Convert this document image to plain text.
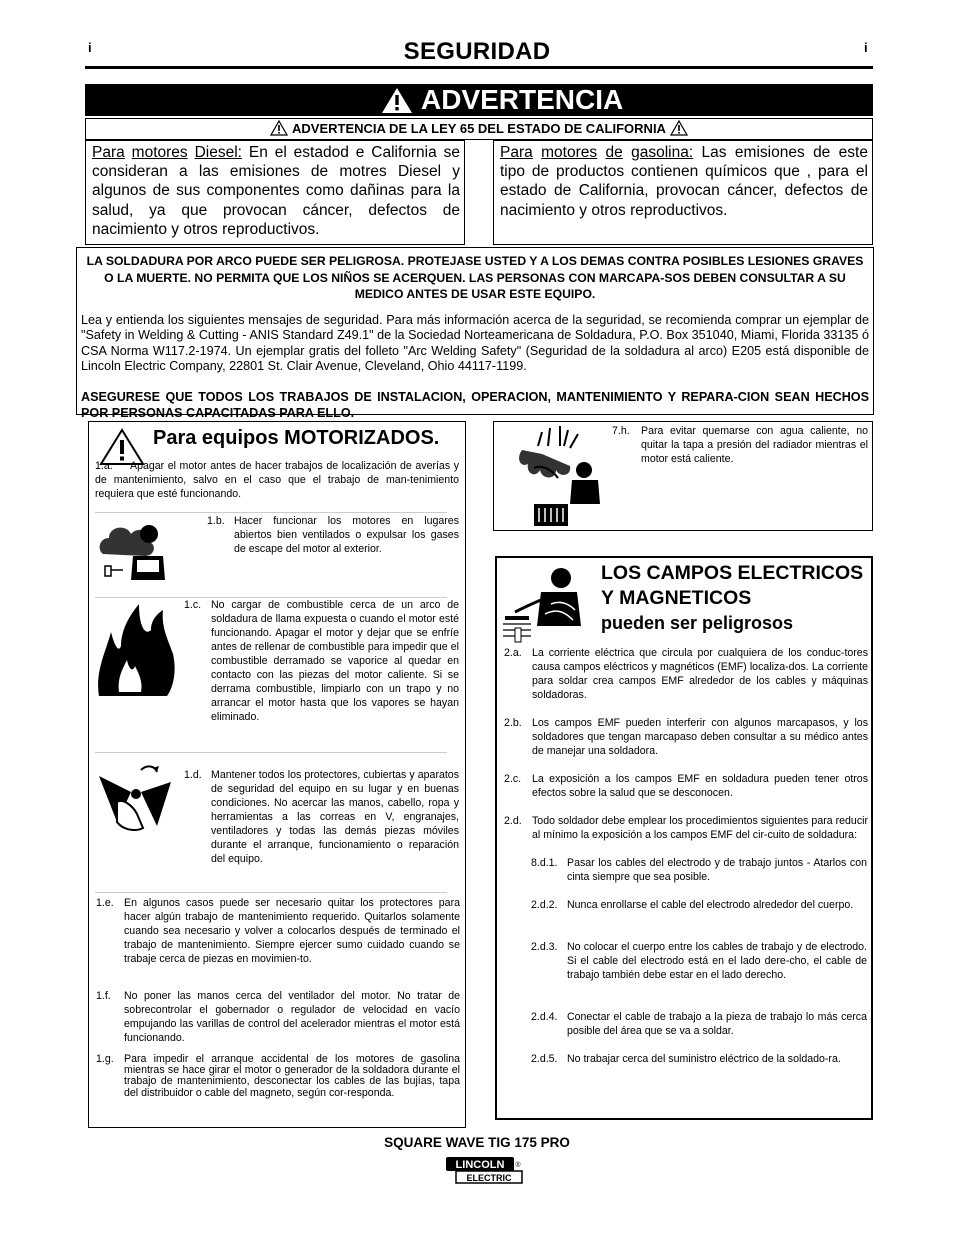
i	i
SEGURIDAD
ADVERTENCIA
ADVERTENCIA DE LA LEY 65 DEL ESTADO DE CALIFORNIA
Para motores Diesel: En el estadod e California se consideran a las emisiones de motres Diesel y algunos de sus componentes como dañinas para la salud, ya que provocan cáncer, defectos de nacimiento y otros reproductivos.
Para motores de gasolina: Las emisiones de este tipo de productos contienen químicos que , para el estado de California, provocan cáncer, defectos de nacimiento y otros reproductivos.
LA SOLDADURA POR ARCO PUEDE SER PELIGROSA. PROTEJASE USTED Y A LOS DEMAS CONTRA POSIBLES LESIONES GRAVES O LA MUERTE. NO PERMITA QUE LOS NIÑOS SE ACERQUEN. LAS PERSONAS CON MARCAPA-SOS DEBEN CONSULTAR A SU MEDICO ANTES DE USAR ESTE EQUIPO.
Lea y entienda los siguientes mensajes de seguridad. Para más información acerca de la seguridad, se recomienda comprar un ejemplar de "Safety in Welding & Cutting - ANIS Standard Z49.1" de la Sociedad Norteamericana de Soldadura, P.O. Box 351040, Miami, Florida 33135 ó CSA Norma W117.2-1974. Un ejemplar gratis del folleto "Arc Welding Safety" (Seguridad de la soldadura al arco) E205 está disponible de Lincoln Electric Company, 22801 St. Clair Avenue, Cleveland, Ohio 44117-1199.
ASEGURESE QUE TODOS LOS TRABAJOS DE INSTALACION, OPERACION, MANTENIMIENTO Y REPARA-CION SEAN HECHOS POR PERSONAS CAPACITADAS PARA ELLO.
Para equipos MOTORIZADOS.
1.a.	Apagar el motor antes de hacer trabajos de localización de averías y de mantenimiento, salvo en el caso que el trabajo de man-tenimiento requiera que esté funcionando.
1.b. Hacer funcionar los motores en lugares abiertos bien ventilados o expulsar los gases de escape del motor al exterior.
1.c. No cargar de combustible cerca de un arco de soldadura de llama expuesta o cuando el motor esté funcionando. Apagar el motor y dejar que se enfríe antes de rellenar de combustible para impedir que el combustible derramado se vaporice al quedar en contacto con las piezas del motor caliente. Si se derrama combustible, limpiarlo con un trapo y no arrancar el motor hasta que los vapores se hayan eliminado.
1.d. Mantener todos los protectores, cubiertas y aparatos de seguridad del equipo en su lugar y en buenas condiciones. No acercar las manos, cabello, ropa y herramientas a las correas en V, engranajes, ventiladores y todas las demás piezas móviles durante el arranque, funcionamiento o reparación del equipo.
1.e. En algunos casos puede ser necesario quitar los protectores para hacer algún trabajo de mantenimiento requerido. Quitarlos solamente cuando sea necesario y volver a colocarlos después de terminado el trabajo de mantenimiento. Siempre ejercer sumo cuidado cuando se trabaje cerca de piezas en movimien-to.
1.f.	No poner las manos cerca del ventilador del motor. No tratar de sobrecontrolar el gobernador o regulador de velocidad en vacío empujando las varillas de control del acelerador mientras el motor está funcionando.
1.g. Para impedir el arranque accidental de los motores de gasolina mientras se hace girar el motor o generador de la soldadora durante el trabajo de mantenimiento, desconectar los cables de las bujías, tapa del distribuidor o cable del magneto, según cor-responda.
7.h.	Para evitar quemarse con agua caliente, no quitar la tapa a presión del radiador mientras el motor está caliente.
LOS CAMPOS ELECTRICOS
Y MAGNETICOS
pueden ser peligrosos
2.a. La corriente eléctrica que circula por cualquiera de los conduc-tores causa campos eléctricos y magnéticos (EMF) localiza-dos. La corriente para soldar crea campos EMF alrededor de los cables y máquinas soldadoras.
2.b. Los campos EMF pueden interferir con algunos marcapasos, y los soldadores que tengan marcapaso deben consultar a su médico antes de manejar una soldadora.
2.c.	La exposición a los campos EMF en soldadura pueden tener otros efectos sobre la salud que se desconocen.
2.d. Todo soldador debe emplear los procedimientos siguientes para reducir al mínimo la exposición a los campos EMF del cir-cuito de soldadura:
8.d.1. Pasar los cables del electrodo y de trabajo juntos - Atarlos con cinta siempre que sea posible.
2.d.2. Nunca enrollarse el cable del electrodo alrededor del cuerpo.
2.d.3. No colocar el cuerpo entre los cables de trabajo y de electrodo. Si el cable del electrodo está en el lado dere-cho, el cable de trabajo también debe estar en el lado derecho.
2.d.4. Conectar el cable de trabajo a la pieza de trabajo lo más cerca posible del área que se va a soldar.
2.d.5. No trabajar cerca del suministro eléctrico de la soldado-ra.
SQUARE WAVE TIG 175 PRO
LINCOLN ®
ELECTRIC
